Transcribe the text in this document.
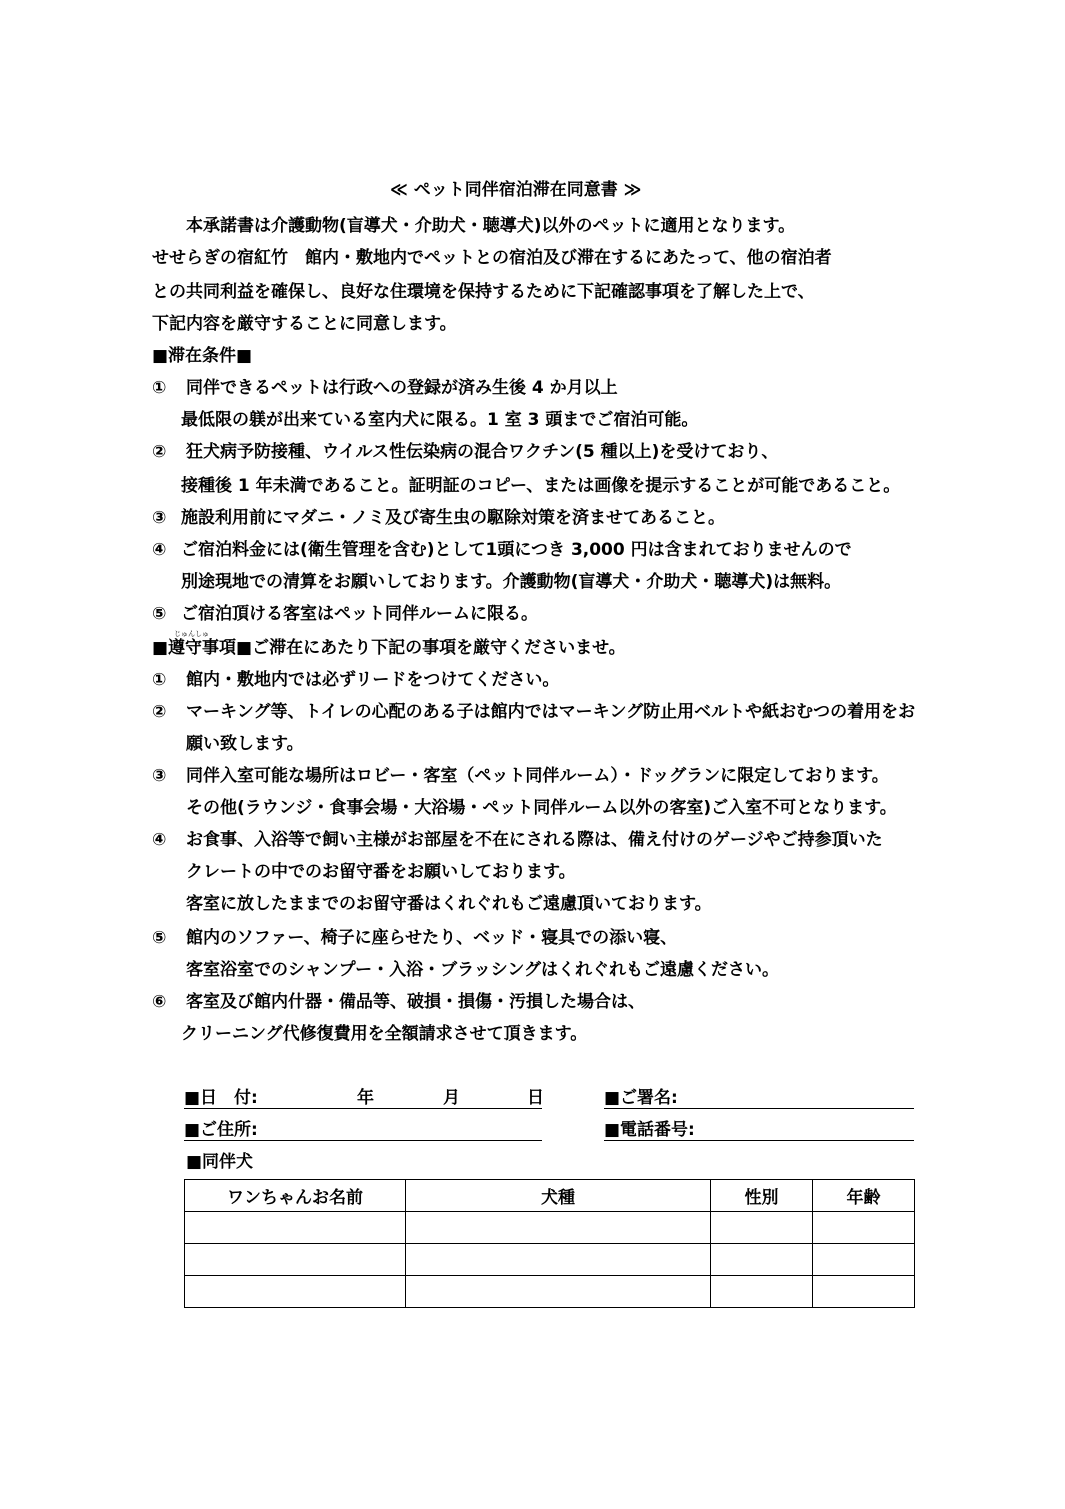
≪ ペット同伴宿泊滞在同意書 ≫
本承諾書は介護動物(盲導犬・介助犬・聴導犬)以外のペットに適用となります。
せせらぎの宿紅竹　館内・敷地内でペットとの宿泊及び滞在するにあたって、他の宿泊者
との共同利益を確保し、良好な住環境を保持するために下記確認事項を了解した上で、
下記内容を厳守することに同意します。
■滞在条件■
① 同伴できるペットは行政への登録が済み生後 4 か月以上
最低限の躾が出来ている室内犬に限る。1 室 3 頭までご宿泊可能。
② 狂犬病予防接種、ウイルス性伝染病の混合ワクチン(5 種以上)を受けており、
接種後 1 年未満であること。証明証のコピー、または画像を提示することが可能であること。
③ 施設利用前にマダニ・ノミ及び寄生虫の駆除対策を済ませてあること。
④ ご宿泊料金には(衛生管理を含む)として1頭につき 3,000 円は含まれておりませんので
別途現地での清算をお願いしております。介護動物(盲導犬・介助犬・聴導犬)は無料。
⑤ ご宿泊頂ける客室はペット同伴ルームに限る。
じゅんしゅ
■遵守事項■ご滞在にあたり下記の事項を厳守くださいませ。
① 館内・敷地内では必ずリードをつけてください。
② マーキング等、トイレの心配のある子は館内ではマーキング防止用ベルトや紙おむつの着用をお
願い致します。
③ 同伴入室可能な場所はロビー・客室（ペット同伴ルーム）・ドッグランに限定しております。
その他(ラウンジ・食事会場・大浴場・ペット同伴ルーム以外の客室)ご入室不可となります。
④ お食事、入浴等で飼い主様がお部屋を不在にされる際は、備え付けのゲージやご持参頂いた
クレートの中でのお留守番をお願いしております。
客室に放したままでのお留守番はくれぐれもご遠慮頂いております。
⑤ 館内のソファー、椅子に座らせたり、ベッド・寝具での添い寝、
客室浴室でのシャンプー・入浴・ブラッシングはくれぐれもご遠慮ください。
⑥ 客室及び館内什器・備品等、破損・損傷・汚損した場合は、
クリーニング代修復費用を全額請求させて頂きます。
■日　付:	年	月	日	■ご署名:
■ご住所:	■電話番号:
■同伴犬
ワンちゃんお名前	犬種	性別	年齢
